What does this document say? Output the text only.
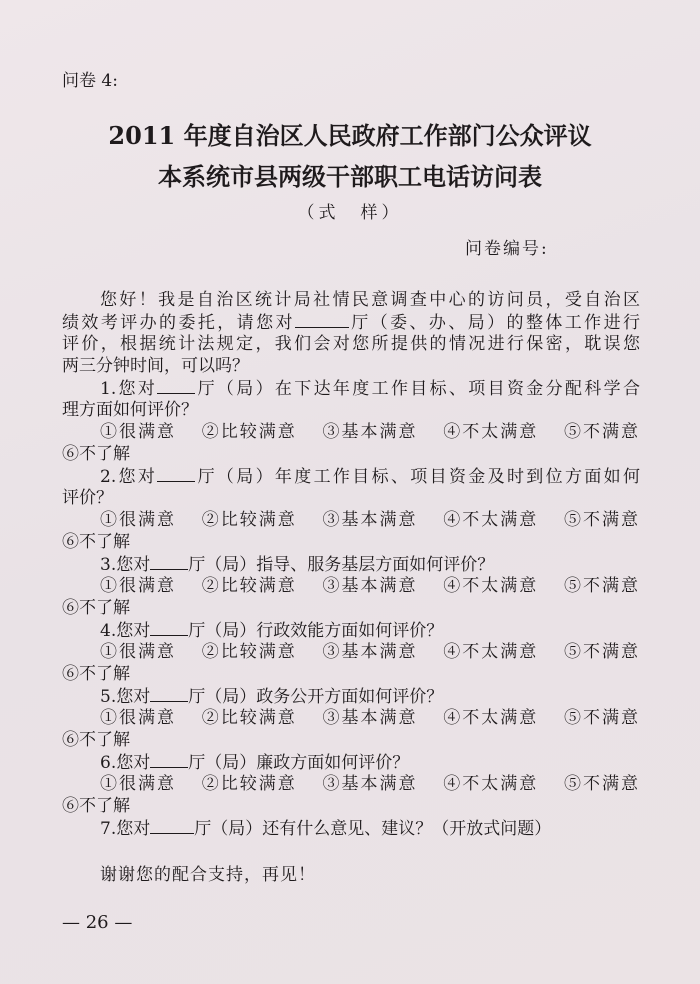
问卷 4:
2011 年度自治区人民政府工作部门公众评议
本系统市县两级干部职工电话访问表
（式　样）
问卷编号:
您好！我是自治区统计局社情民意调查中心的访问员，受自治区
绩效考评办的委托，请您对	厅（委、办、局）的整体工作进行
评价，根据统计法规定，我们会对您所提供的情况进行保密，耽误您
两三分钟时间，可以吗？
1.您对 厅（局）在下达年度工作目标、项目资金分配科学合
理方面如何评价？
①很满意 ②比较满意 ③基本满意 ④不太满意 ⑤不满意
⑥不了解
2.您对 厅（局）年度工作目标、项目资金及时到位方面如何
评价？
①很满意 ②比较满意 ③基本满意 ④不太满意 ⑤不满意
⑥不了解
3.您对 厅（局）指导、服务基层方面如何评价？
①很满意 ②比较满意 ③基本满意 ④不太满意 ⑤不满意
⑥不了解
4.您对 厅（局）行政效能方面如何评价？
①很满意 ②比较满意 ③基本满意 ④不太满意 ⑤不满意
⑥不了解
5.您对 厅（局）政务公开方面如何评价？
①很满意 ②比较满意 ③基本满意 ④不太满意 ⑤不满意
⑥不了解
6.您对 厅（局）廉政方面如何评价？
①很满意 ②比较满意 ③基本满意 ④不太满意 ⑤不满意
⑥不了解
7.您对	厅（局）还有什么意见、建议？（开放式问题）
谢谢您的配合支持，再见！
— 26 —
